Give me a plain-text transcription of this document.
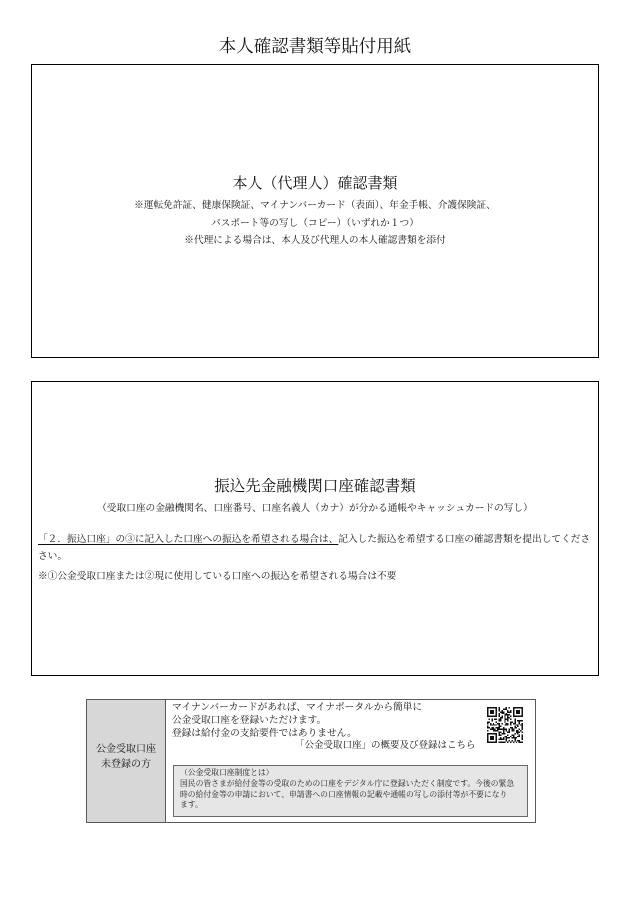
本人確認書類等貼付用紙
本人（代理人）確認書類
※運転免許証、健康保険証、マイナンバーカード（表面）、年金手帳、介護保険証、
パスポート等の写し（コピー）（いずれか１つ）
※代理による場合は、本人及び代理人の本人確認書類を添付
振込先金融機関口座確認書類
（受取口座の金融機関名、口座番号、口座名義人（カナ）が分かる通帳やキャッシュカードの写し）
「２．振込口座」の③に記入した口座への振込を希望される場合は、記入した振込を希望する口座の確認書類を提出してくださ
さい。
※①公金受取口座または②現に使用している口座への振込を希望される場合は不要
公金受取口座
未登録の方
マイナンバーカードがあれば、マイナポータルから簡単に
公金受取口座を登録いただけます。
登録は給付金の支給要件ではありません。
「公金受取口座」の概要及び登録はこちら
（公金受取口座制度とは）
国民の皆さまが給付金等の受取のための口座をデジタル庁に登録いただく制度です。今後の緊急
時の給付金等の申請において、申請書への口座情報の記載や通帳の写しの添付等が不要になり
ます。
